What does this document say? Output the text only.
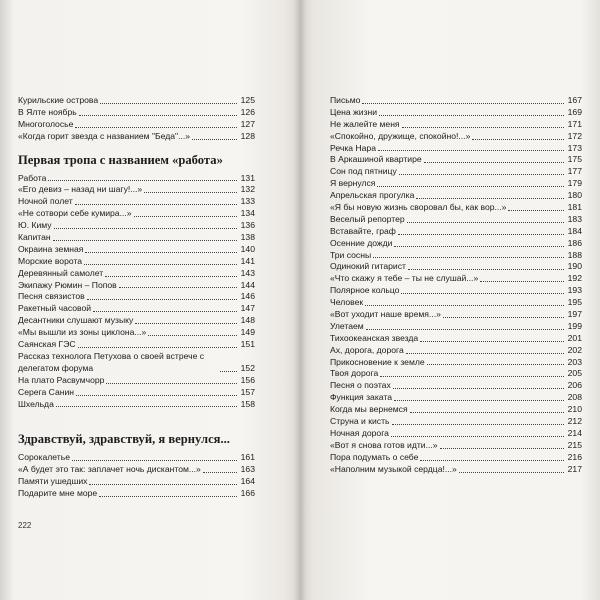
Курильские острова	125
В Ялте ноябрь	126
Многоголосье	127
«Когда горит звезда с названием "Беда"...»	128
Первая тропа с названием «работа»
Работа	131
«Его девиз – назад ни шагу!...»	132
Ночной полет	133
«Не сотвори себе кумира...»	134
Ю. Киму	136
Капитан	138
Окраина земная	140
Морские ворота	141
Деревянный самолет	143
Экипажу Рюмин – Попов	144
Песня связистов	146
Ракетный часовой	147
Десантники слушают музыку	148
«Мы вышли из зоны циклона...»	149
Саянская ГЭС	151
Рассказ технолога Петухова о своей встрече с делегатом форума	152
На плато Расвумчорр	156
Серега Санин	157
Шхельда	158
Здравствуй, здравствуй, я вернулся...
Сорокалетье	161
«А будет это так: заплачет ночь дискантом...»	163
Памяти ушедших	164
Подарите мне море	166
222
Письмо	167
Цена жизни	169
Не жалейте меня	171
«Спокойно, дружище, спокойно!...»	172
Речка Нара	173
В Аркашиной квартире	175
Сон под пятницу	177
Я вернулся	179
Апрельская прогулка	180
«Я бы новую жизнь своровал бы, как вор...»	181
Веселый репортер	183
Вставайте, граф	184
Осенние дожди	186
Три сосны	188
Одинокий гитарист	190
«Что скажу я тебе – ты не слушай...»	192
Полярное кольцо	193
Человек	195
«Вот уходит наше время...»	197
Улетаем	199
Тихоокеанская звезда	201
Ах, дорога, дорога	202
Прикосновение к земле	203
Твоя дорога	205
Песня о поэтах	206
Функция заката	208
Когда мы вернемся	210
Струна и кисть	212
Ночная дорога	214
«Вот я снова готов идти...»	215
Пора подумать о себе	216
«Наполним музыкой сердца!...»	217
